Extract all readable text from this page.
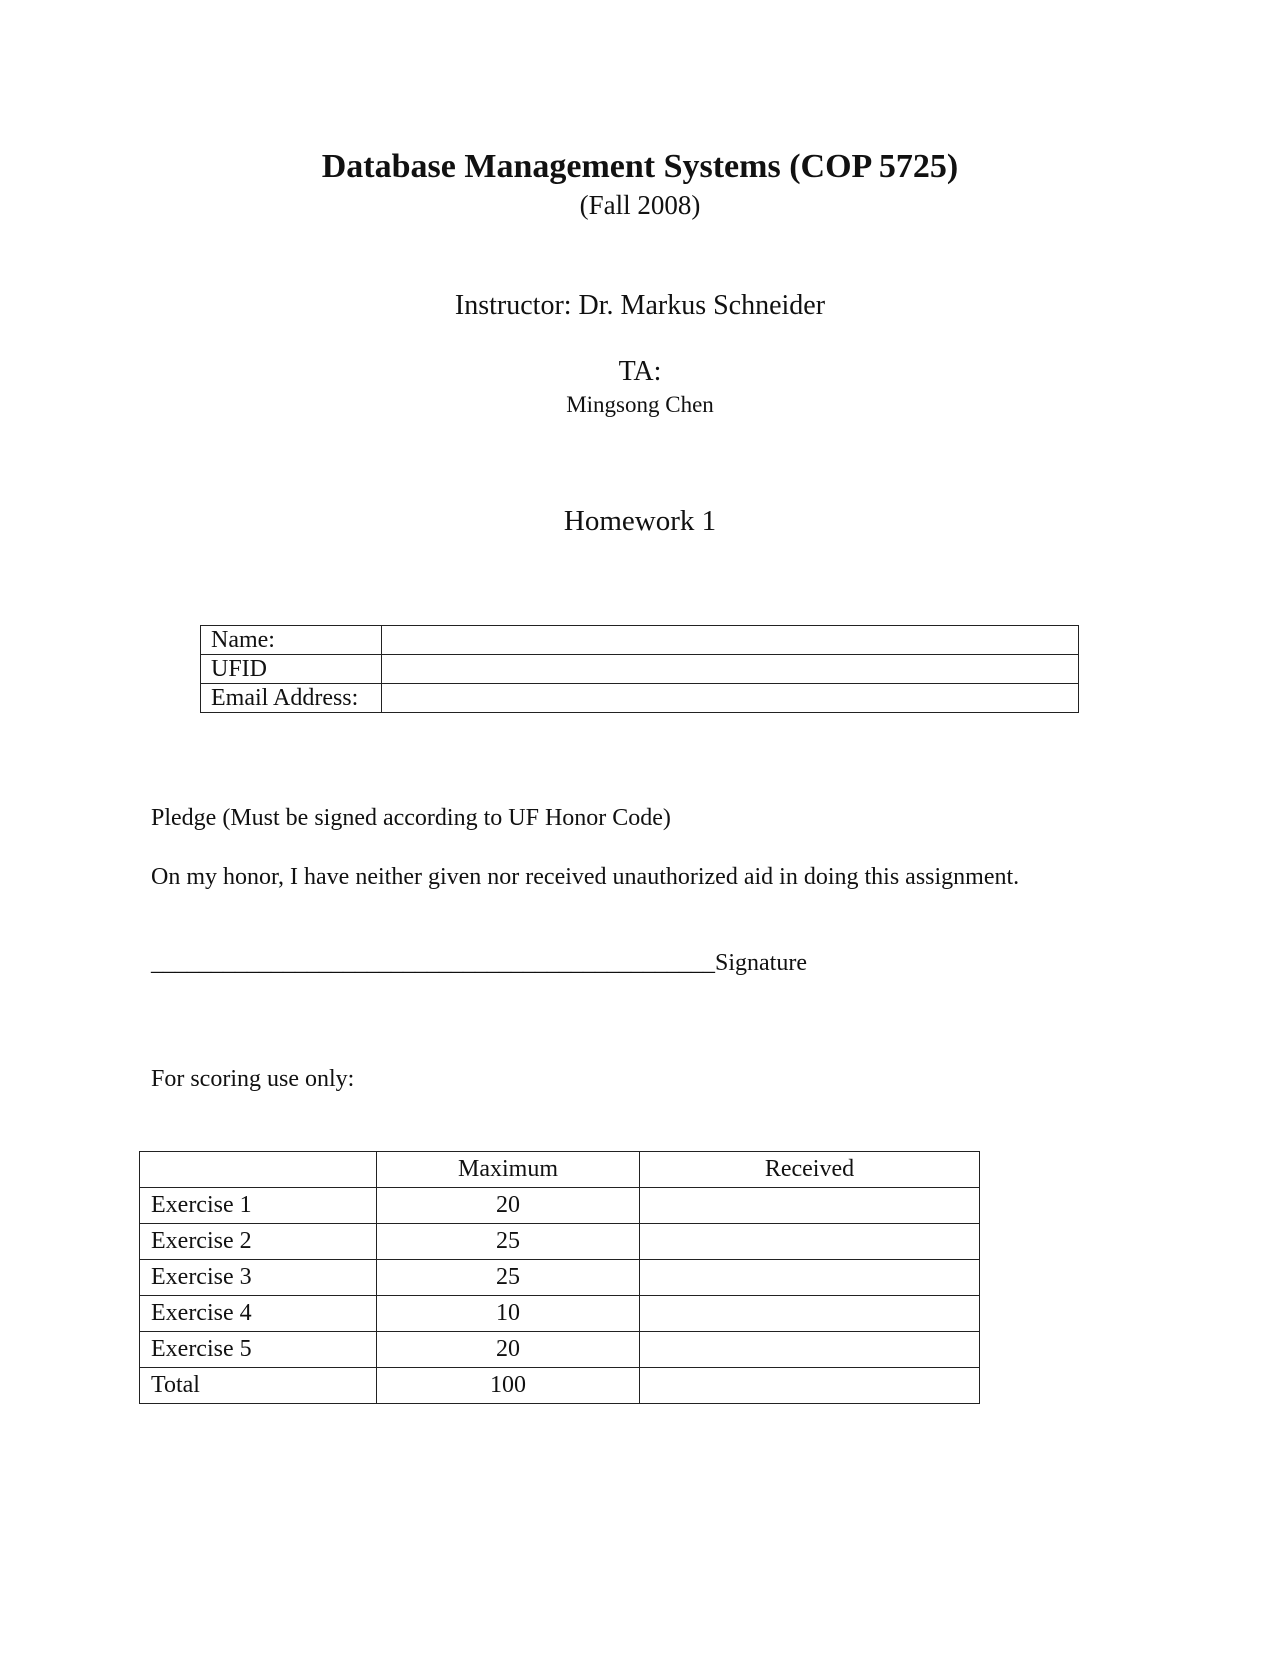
Database Management Systems (COP 5725)
(Fall 2008)
Instructor: Dr. Markus Schneider
TA:
Mingsong Chen
Homework 1
Name:	
UFID	
Email Address:	
Pledge (Must be signed according to UF Honor Code)
On my honor, I have neither given nor received unauthorized aid in doing this assignment.
_______________________________________________Signature
For scoring use only:
	Maximum	Received
Exercise 1	20	
Exercise 2	25	
Exercise 3	25	
Exercise 4	10	
Exercise 5	20	
Total	100	
